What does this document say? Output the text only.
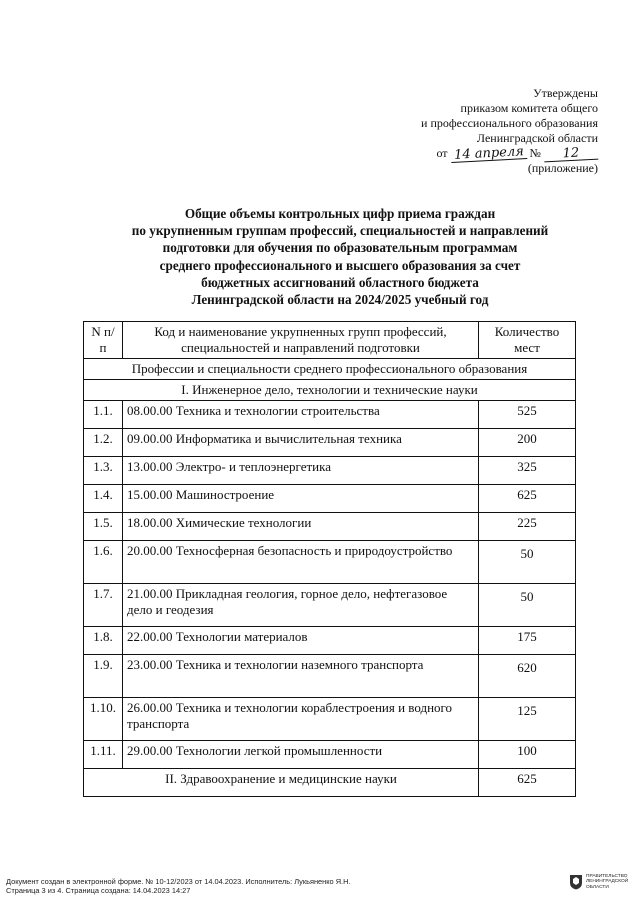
Утверждены
приказом комитета общего
и профессионального образования
Ленинградской области
от 14 апреля № 12
(приложение)
Общие объемы контрольных цифр приема граждан
по укрупненным группам профессий, специальностей и направлений
подготовки для обучения по образовательным программам
среднего профессионального и высшего образования за счет
бюджетных ассигнований областного бюджета
Ленинградской области на 2024/2025 учебный год
N п/п	Код и наименование укрупненных групп профессий, специальностей и направлений подготовки	Количество мест
Профессии и специальности среднего профессионального образования		
I. Инженерное дело, технологии и технические науки		
1.1.	08.00.00 Техника и технологии строительства	525
1.2.	09.00.00 Информатика и вычислительная техника	200
1.3.	13.00.00 Электро- и теплоэнергетика	325
1.4.	15.00.00 Машиностроение	625
1.5.	18.00.00 Химические технологии	225
1.6.	20.00.00 Техносферная безопасность и природоустройство	50
1.7.	21.00.00 Прикладная геология, горное дело, нефтегазовое дело и геодезия	50
1.8.	22.00.00 Технологии материалов	175
1.9.	23.00.00 Техника и технологии наземного транспорта	620
1.10.	26.00.00 Техника и технологии кораблестроения и водного транспорта	125
1.11.	29.00.00 Технологии легкой промышленности	100
II. Здравоохранение и медицинские науки		625
Документ создан в электронной форме. № 10-12/2023 от 14.04.2023. Исполнитель: Лукьяненко Я.Н.
Страница 3 из 4. Страница создана: 14.04.2023 14:27
ПРАВИТЕЛЬСТВО
ЛЕНИНГРАДСКОЙ
ОБЛАСТИ
